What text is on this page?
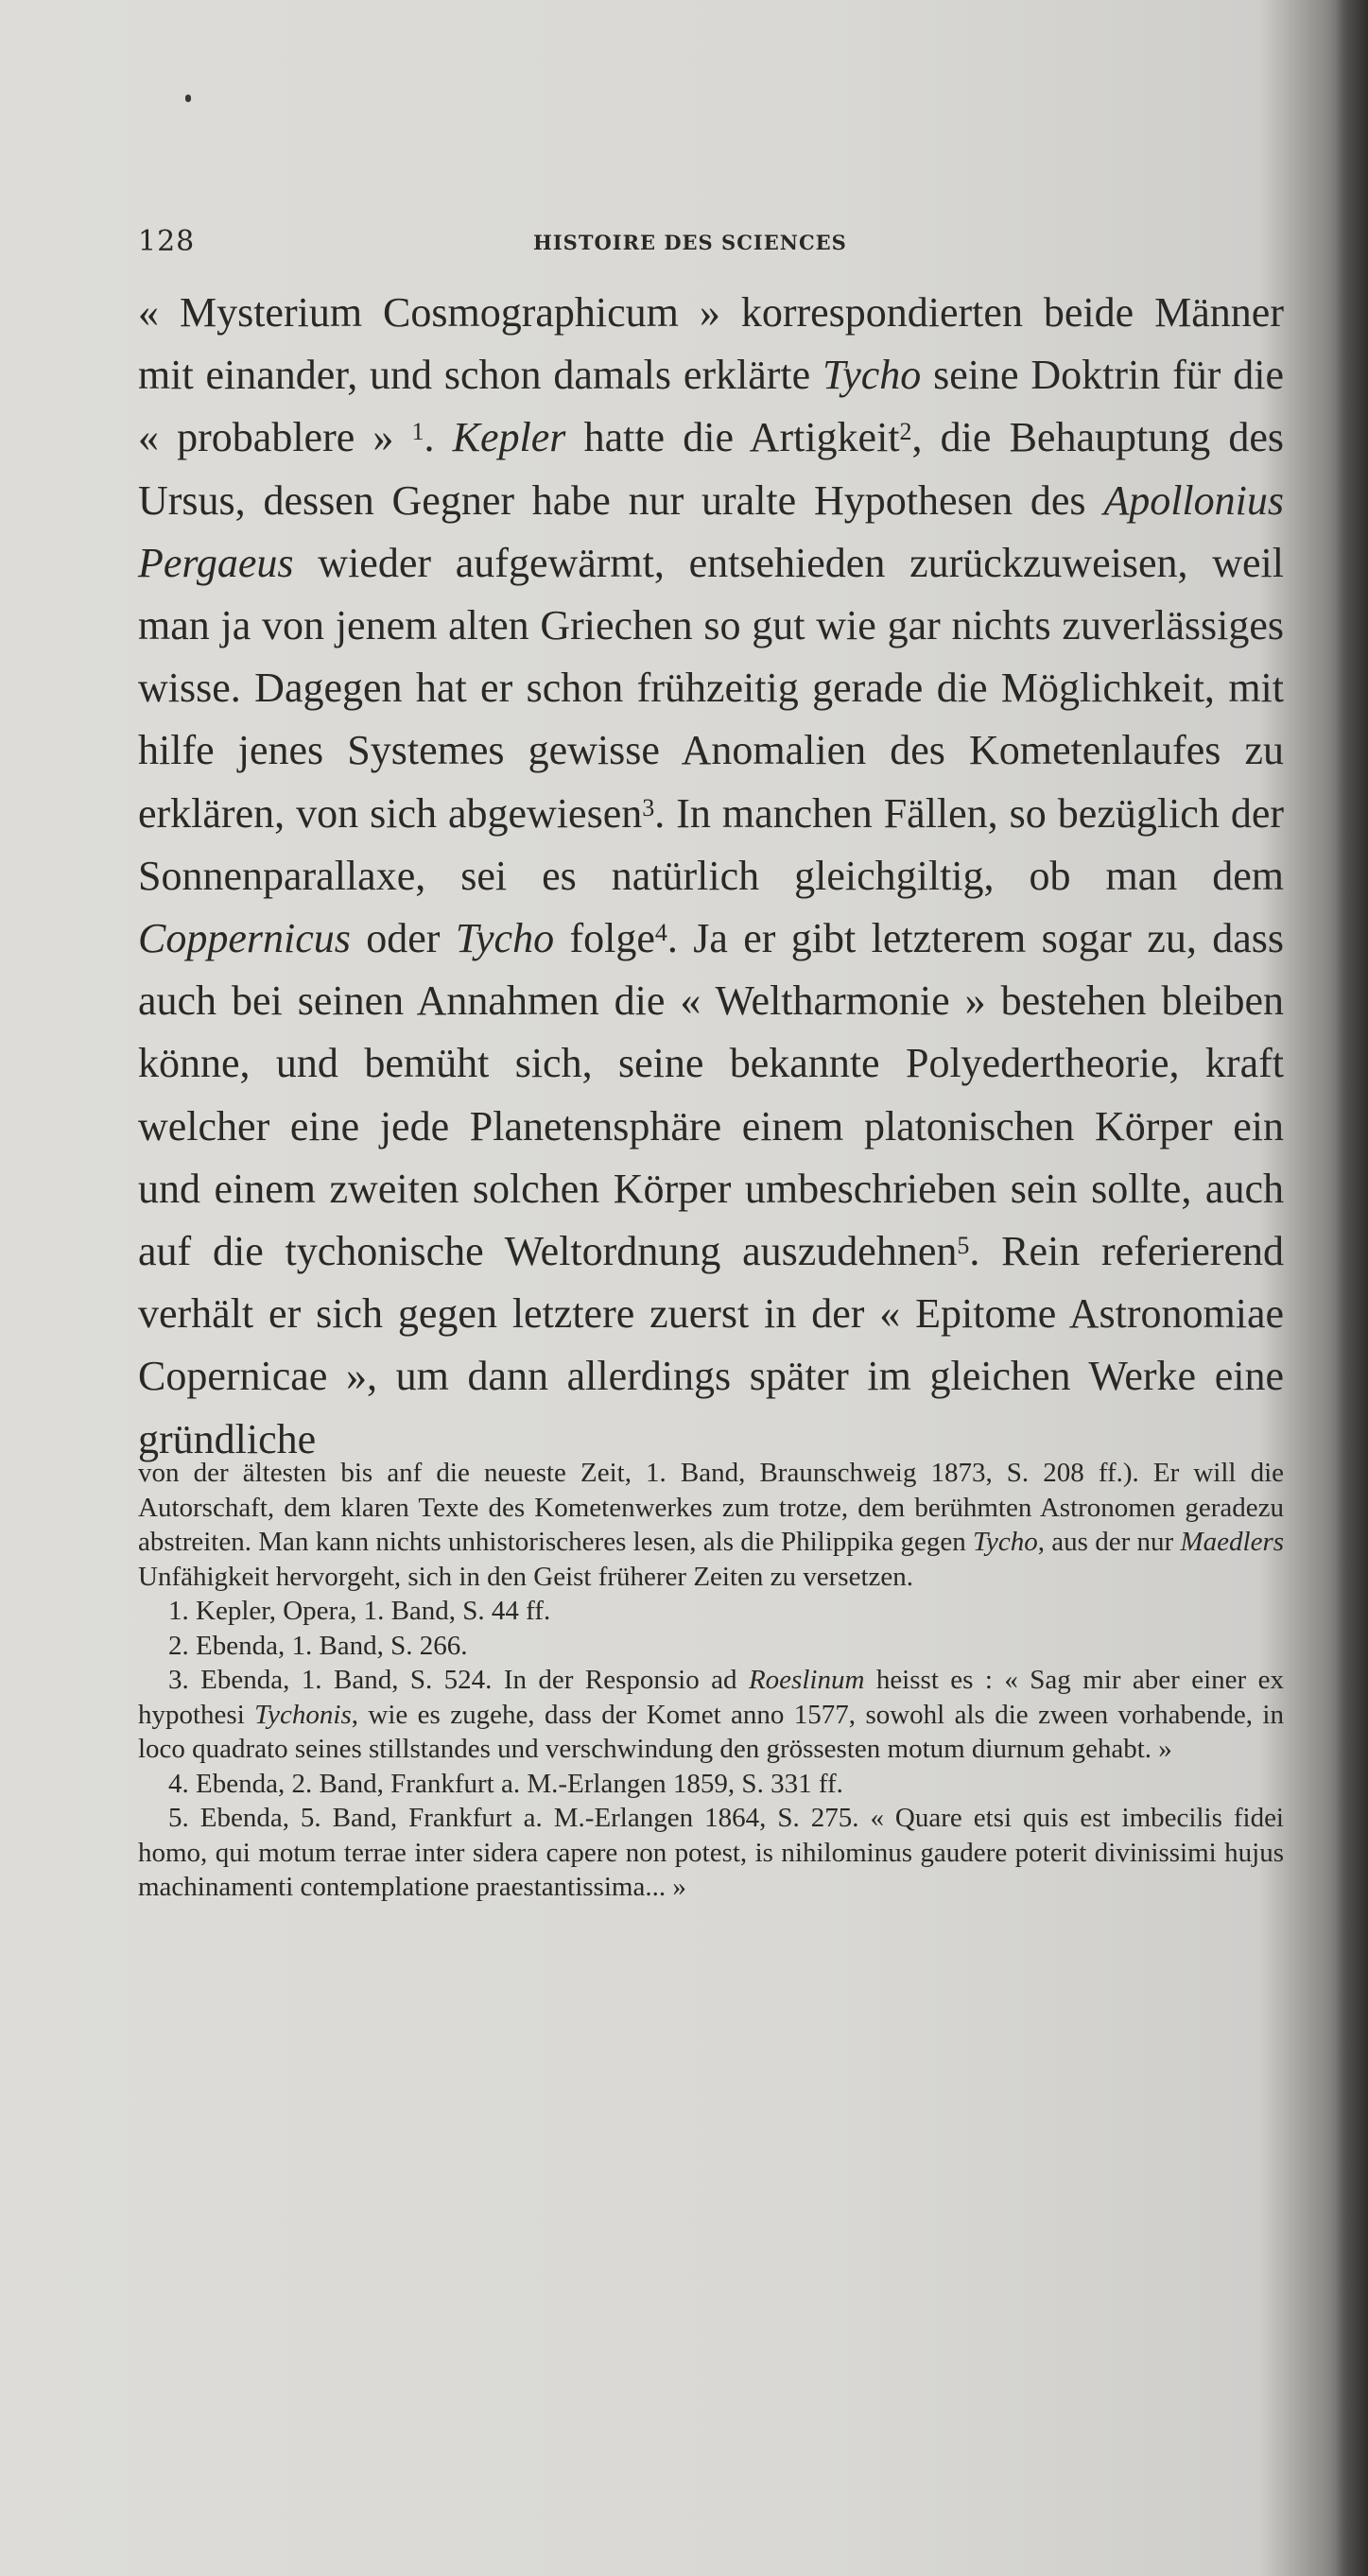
128	HISTOIRE DES SCIENCES

« Mysterium Cosmographicum » korrespondierten beide Männer mit einander, und schon damals erklärte Tycho seine Doktrin für die « probablere » $^1$. Kepler hatte die Artigkeit$^2$, die Behauptung des Ursus, dessen Gegner habe nur uralte Hypothesen des Apollonius Pergaeus wieder aufgewärmt, entsehieden zurückzuweisen, weil man ja von jenem alten Griechen so gut wie gar nichts zuverlässiges wisse. Dagegen hat er schon frühzeitig gerade die Möglichkeit, mit hilfe jenes Systemes gewisse Anomalien des Kometenlaufes zu erklären, von sich abgewiesen$^3$. In manchen Fällen, so bezüglich der Sonnenparallaxe, sei es natürlich gleichgiltig, ob man dem Coppernicus oder Tycho folge$^4$. Ja er gibt letzterem sogar zu, dass auch bei seinen Annahmen die « Weltharmonie » bestehen bleiben könne, und bemüht sich, seine bekannte Polyedertheorie, kraft welcher eine jede Planetensphäre einem platonischen Körper ein und einem zweiten solchen Körper umbeschrieben sein sollte, auch auf die tychonische Weltordnung auszudehnen$^5$. Rein referierend verhält er sich gegen letztere zuerst in der « Epitome Astronomiae Copernicae », um dann allerdings später im gleichen Werke eine gründliche

von der ältesten bis anf die neueste Zeit, 1. Band, Braunschweig 1873, S. 208 ff.). Er will die Autorschaft, dem klaren Texte des Kometenwerkes zum trotze, dem berühmten Astronomen geradezu abstreiten. Man kann nichts unhistorischeres lesen, als die Philippika gegen Tycho, aus der nur Maedlers Unfähigkeit hervorgeht, sich in den Geist früherer Zeiten zu versetzen.

1. Kepler, Opera, 1. Band, S. 44 ff.

2. Ebenda, 1. Band, S. 266.

3. Ebenda, 1. Band, S. 524. In der Responsio ad Roeslinum heisst es : « Sag mir aber einer ex hypothesi Tychonis, wie es zugehe, dass der Komet anno 1577, sowohl als die zween vorhabende, in loco quadrato seines stillstandes und verschwindung den grössesten motum diurnum gehabt. »

4. Ebenda, 2. Band, Frankfurt a. M.-Erlangen 1859, S. 331 ff.

5. Ebenda, 5. Band, Frankfurt a. M.-Erlangen 1864, S. 275. « Quare etsi quis est imbecilis fidei homo, qui motum terrae inter sidera capere non potest, is nihilominus gaudere poterit divinissimi hujus machinamenti contemplatione praestantissima... »
